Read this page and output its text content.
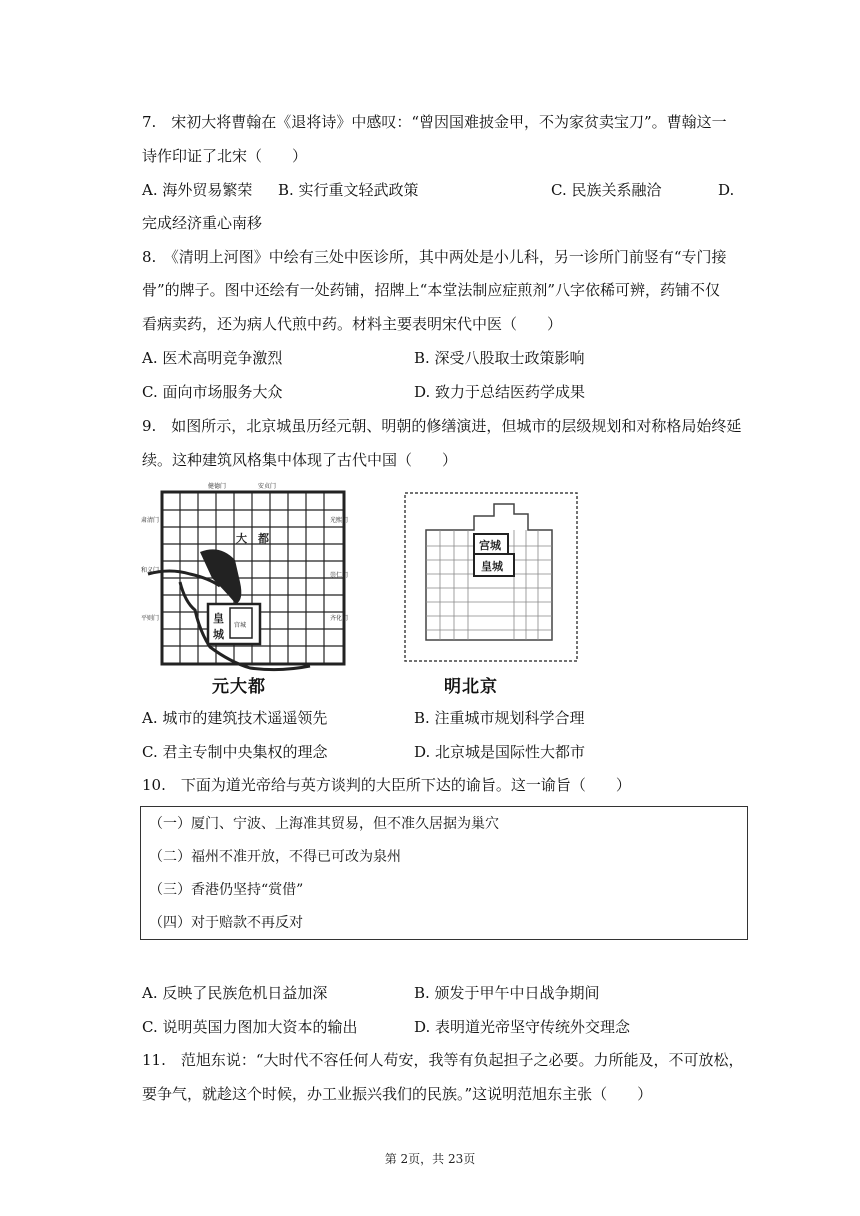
7.　宋初大将曹翰在《退将诗》中感叹：“曾因国难披金甲，不为家贫卖宝刀”。曹翰这一
诗作印证了北宋（　　）
A. 海外贸易繁荣 B. 实行重文轻武政策	C. 民族关系融洽	D.
完成经济重心南移
8.　《清明上河图》中绘有三处中医诊所，其中两处是小儿科，另一诊所门前竖有“专门接
骨”的牌子。图中还绘有一处药铺，招牌上“本堂法制应症煎剂”八字依稀可辨，药铺不仅
看病卖药，还为病人代煎中药。材料主要表明宋代中医（　　）
A. 医术高明竞争激烈	B. 深受八股取士政策影响
C. 面向市场服务大众	D. 致力于总结医药学成果
9.　如图所示，北京城虽历经元朝、明朝的修缮演进，但城市的层级规划和对称格局始终延
续。这种建筑风格集中体现了古代中国（　　）
健德门	安贞门
肃清门
和义门
平则门
光熙门
崇仁门
齐化门
大　都
皇
城
宫城
元大都
宫城
皇城
明北京
A. 城市的建筑技术遥遥领先	B. 注重城市规划科学合理
C. 君主专制中央集权的理念	D. 北京城是国际性大都市
10.　下面为道光帝给与英方谈判的大臣所下达的谕旨。这一谕旨（　　）
（一）厦门、宁波、上海准其贸易，但不准久居据为巢穴
（二）福州不准开放，不得已可改为泉州
（三）香港仍坚持“赏借”
（四）对于赔款不再反对
A. 反映了民族危机日益加深	B. 颁发于甲午中日战争期间
C. 说明英国力图加大资本的输出	D. 表明道光帝坚守传统外交理念
11.　范旭东说：“大时代不容任何人苟安，我等有负起担子之必要。力所能及，不可放松，
要争气，就趁这个时候，办工业振兴我们的民族。”这说明范旭东主张（　　）
第 2页，共 23页
